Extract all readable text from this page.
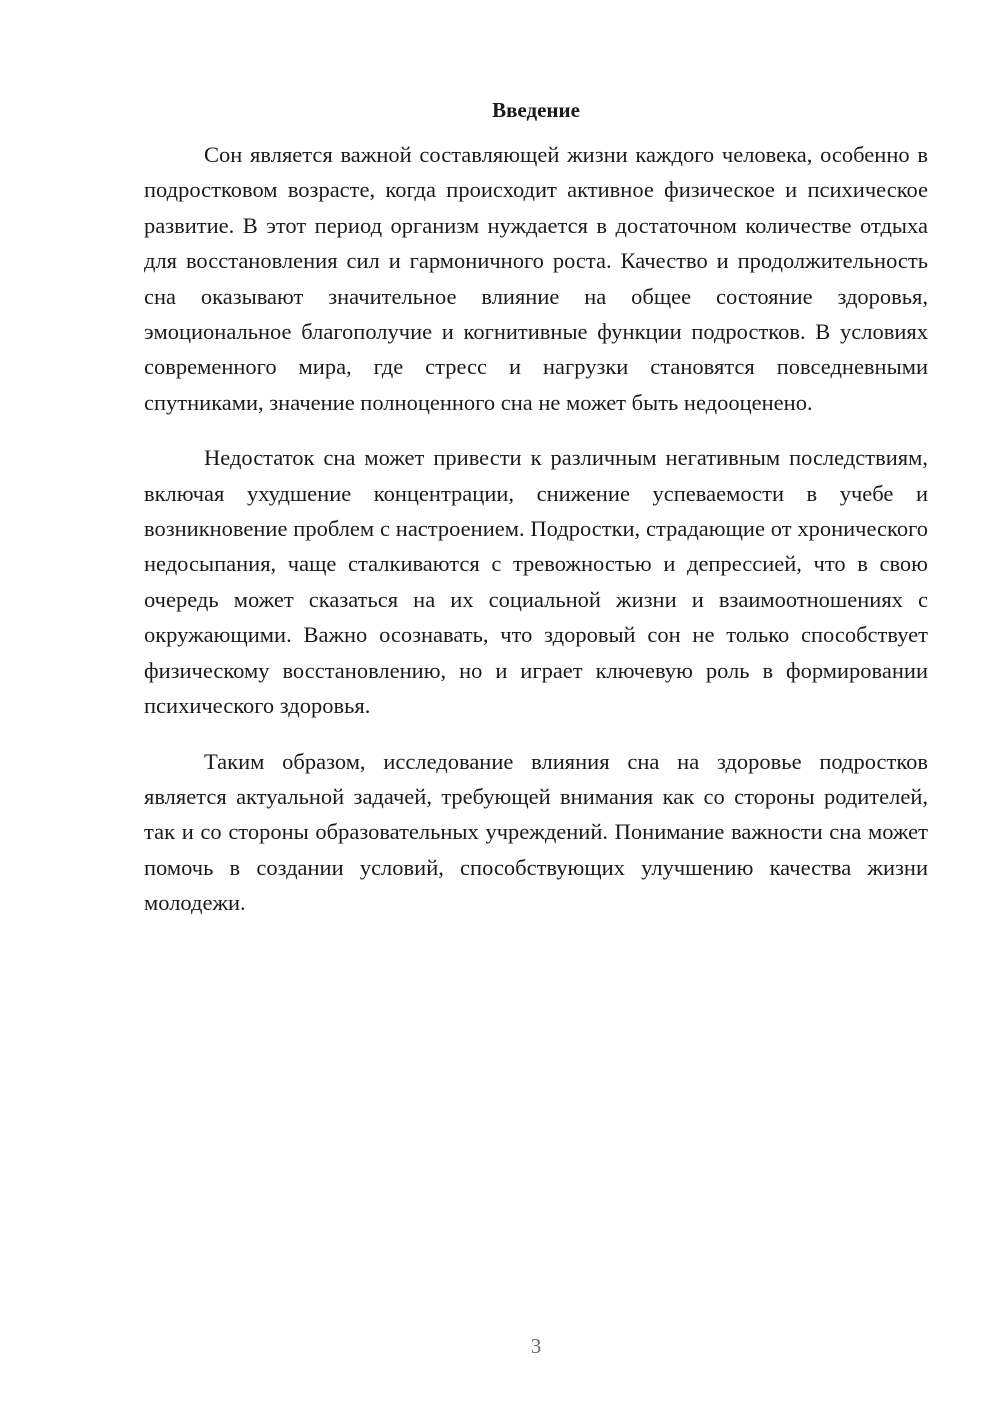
Введение

Сон является важной составляющей жизни каждого человека, особенно в подростковом возрасте, когда происходит активное физическое и психическое развитие. В этот период организм нуждается в достаточном количестве отдыха для восстановления сил и гармоничного роста. Качество и продолжительность сна оказывают значительное влияние на общее состояние здоровья, эмоциональное благополучие и когнитивные функции подростков. В условиях современного мира, где стресс и нагрузки становятся повседневными спутниками, значение полноценного сна не может быть недооценено.

Недостаток сна может привести к различным негативным последствиям, включая ухудшение концентрации, снижение успеваемости в учебе и возникновение проблем с настроением. Подростки, страдающие от хронического недосыпания, чаще сталкиваются с тревожностью и депрессией, что в свою очередь может сказаться на их социальной жизни и взаимоотношениях с окружающими. Важно осознавать, что здоровый сон не только способствует физическому восстановлению, но и играет ключевую роль в формировании психического здоровья.

Таким образом, исследование влияния сна на здоровье подростков является актуальной задачей, требующей внимания как со стороны родителей, так и со стороны образовательных учреждений. Понимание важности сна может помочь в создании условий, способствующих улучшению качества жизни молодежи.

3
